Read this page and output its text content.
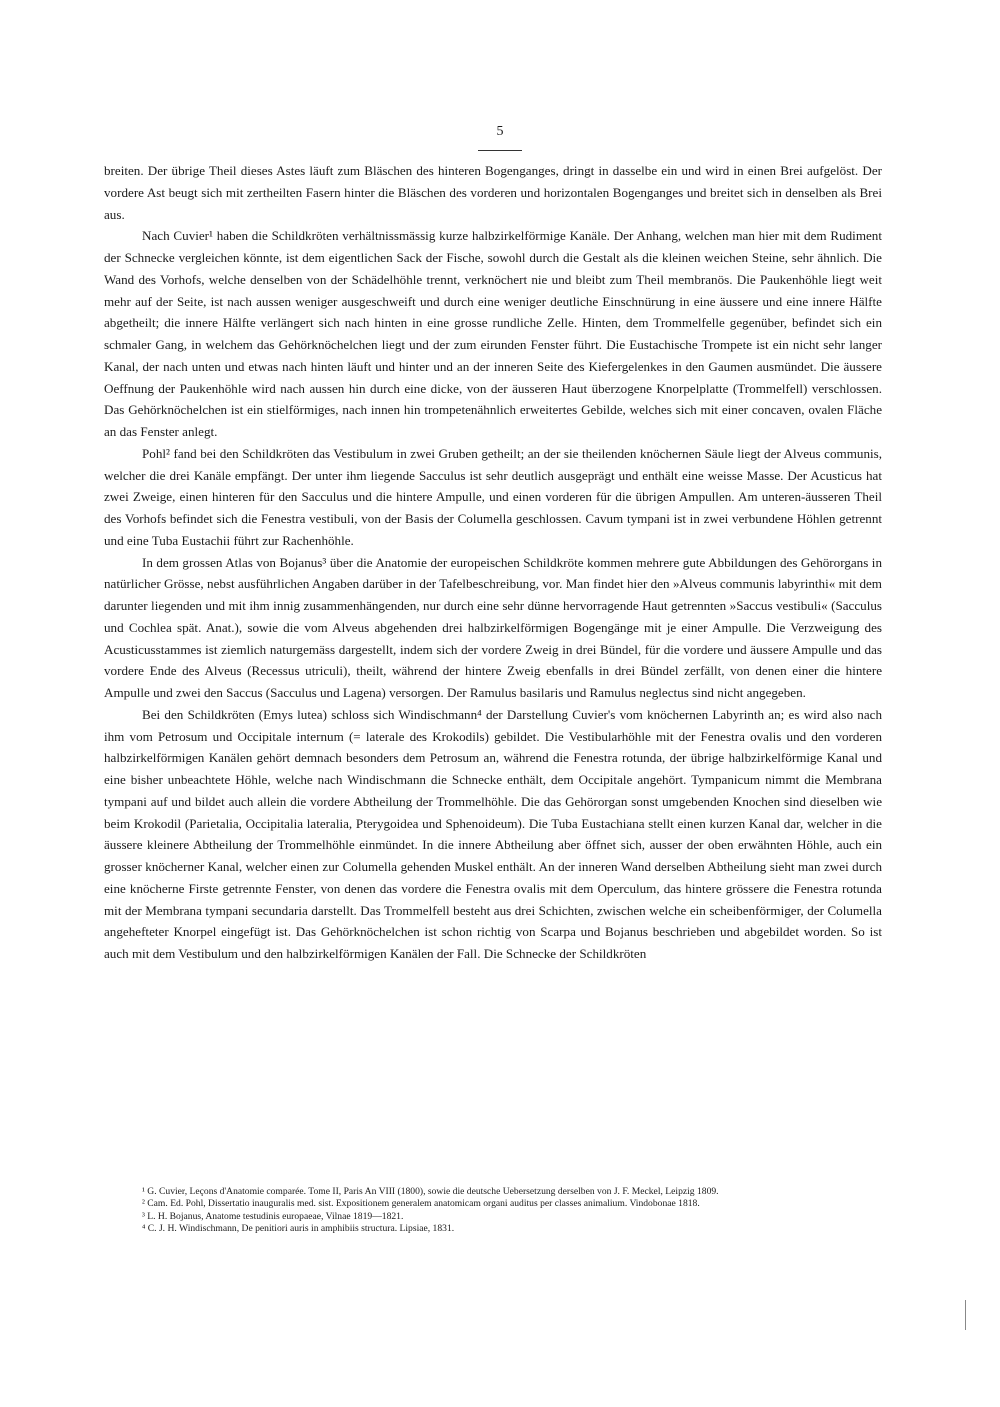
5

breiten. Der übrige Theil dieses Astes läuft zum Bläschen des hinteren Bogenganges, dringt in dasselbe ein und wird in einen Brei aufgelöst. Der vordere Ast beugt sich mit zertheilten Fasern hinter die Bläschen des vorderen und horizontalen Bogenganges und breitet sich in denselben als Brei aus.

Nach Cuvier¹ haben die Schildkröten verhältnissmässig kurze halbzirkelförmige Kanäle. Der Anhang, welchen man hier mit dem Rudiment der Schnecke vergleichen könnte, ist dem eigentlichen Sack der Fische, sowohl durch die Gestalt als die kleinen weichen Steine, sehr ähnlich. Die Wand des Vorhofs, welche denselben von der Schädelhöhle trennt, verknöchert nie und bleibt zum Theil membranös. Die Paukenhöhle liegt weit mehr auf der Seite, ist nach aussen weniger ausgeschweift und durch eine weniger deutliche Einschnürung in eine äussere und eine innere Hälfte abgetheilt; die innere Hälfte verlängert sich nach hinten in eine grosse rundliche Zelle. Hinten, dem Trommelfelle gegenüber, befindet sich ein schmaler Gang, in welchem das Gehörknöchelchen liegt und der zum eirunden Fenster führt. Die Eustachische Trompete ist ein nicht sehr langer Kanal, der nach unten und etwas nach hinten läuft und hinter und an der inneren Seite des Kiefergelenkes in den Gaumen ausmündet. Die äussere Oeffnung der Paukenhöhle wird nach aussen hin durch eine dicke, von der äusseren Haut überzogene Knorpelplatte (Trommelfell) verschlossen. Das Gehörknöchelchen ist ein stielförmiges, nach innen hin trompetenähnlich erweitertes Gebilde, welches sich mit einer concaven, ovalen Fläche an das Fenster anlegt.

Pohl² fand bei den Schildkröten das Vestibulum in zwei Gruben getheilt; an der sie theilenden knöchernen Säule liegt der Alveus communis, welcher die drei Kanäle empfängt. Der unter ihm liegende Sacculus ist sehr deutlich ausgeprägt und enthält eine weisse Masse. Der Acusticus hat zwei Zweige, einen hinteren für den Sacculus und die hintere Ampulle, und einen vorderen für die übrigen Ampullen. Am unteren-äusseren Theil des Vorhofs befindet sich die Fenestra vestibuli, von der Basis der Columella geschlossen. Cavum tympani ist in zwei verbundene Höhlen getrennt und eine Tuba Eustachii führt zur Rachenhöhle.

In dem grossen Atlas von Bojanus³ über die Anatomie der europeischen Schildkröte kommen mehrere gute Abbildungen des Gehörorgans in natürlicher Grösse, nebst ausführlichen Angaben darüber in der Tafelbeschreibung, vor. Man findet hier den »Alveus communis labyrinthi« mit dem darunter liegenden und mit ihm innig zusammenhängenden, nur durch eine sehr dünne hervorragende Haut getrennten »Saccus vestibuli« (Sacculus und Cochlea spät. Anat.), sowie die vom Alveus abgehenden drei halbzirkelförmigen Bogengänge mit je einer Ampulle. Die Verzweigung des Acusticusstammes ist ziemlich naturgemäss dargestellt, indem sich der vordere Zweig in drei Bündel, für die vordere und äussere Ampulle und das vordere Ende des Alveus (Recessus utriculi), theilt, während der hintere Zweig ebenfalls in drei Bündel zerfällt, von denen einer die hintere Ampulle und zwei den Saccus (Sacculus und Lagena) versorgen. Der Ramulus basilaris und Ramulus neglectus sind nicht angegeben.

Bei den Schildkröten (Emys lutea) schloss sich Windischmann⁴ der Darstellung Cuvier's vom knöchernen Labyrinth an; es wird also nach ihm vom Petrosum und Occipitale internum (= laterale des Krokodils) gebildet. Die Vestibularhöhle mit der Fenestra ovalis und den vorderen halbzirkelförmigen Kanälen gehört demnach besonders dem Petrosum an, während die Fenestra rotunda, der übrige halbzirkelförmige Kanal und eine bisher unbeachtete Höhle, welche nach Windischmann die Schnecke enthält, dem Occipitale angehört. Tympanicum nimmt die Membrana tympani auf und bildet auch allein die vordere Abtheilung der Trommelhöhle. Die das Gehörorgan sonst umgebenden Knochen sind dieselben wie beim Krokodil (Parietalia, Occipitalia lateralia, Pterygoidea und Sphenoideum). Die Tuba Eustachiana stellt einen kurzen Kanal dar, welcher in die äussere kleinere Abtheilung der Trommelhöhle einmündet. In die innere Abtheilung aber öffnet sich, ausser der oben erwähnten Höhle, auch ein grosser knöcherner Kanal, welcher einen zur Columella gehenden Muskel enthält. An der inneren Wand derselben Abtheilung sieht man zwei durch eine knöcherne Firste getrennte Fenster, von denen das vordere die Fenestra ovalis mit dem Operculum, das hintere grössere die Fenestra rotunda mit der Membrana tympani secundaria darstellt. Das Trommelfell besteht aus drei Schichten, zwischen welche ein scheibenförmiger, der Columella angehefteter Knorpel eingefügt ist. Das Gehörknöchelchen ist schon richtig von Scarpa und Bojanus beschrieben und abgebildet worden. So ist auch mit dem Vestibulum und den halbzirkelförmigen Kanälen der Fall. Die Schnecke der Schildkröten

¹ G. Cuvier, Leçons d'Anatomie comparée. Tome II, Paris An VIII (1800), sowie die deutsche Uebersetzung derselben von J. F. Meckel, Leipzig 1809.

² Cam. Ed. Pohl, Dissertatio inauguralis med. sist. Expositionem generalem anatomicam organi auditus per classes animalium. Vindobonae 1818.

³ L. H. Bojanus, Anatome testudinis europaeae, Vilnae 1819—1821.

⁴ C. J. H. Windischmann, De penitiori auris in amphibiis structura. Lipsiae, 1831.
